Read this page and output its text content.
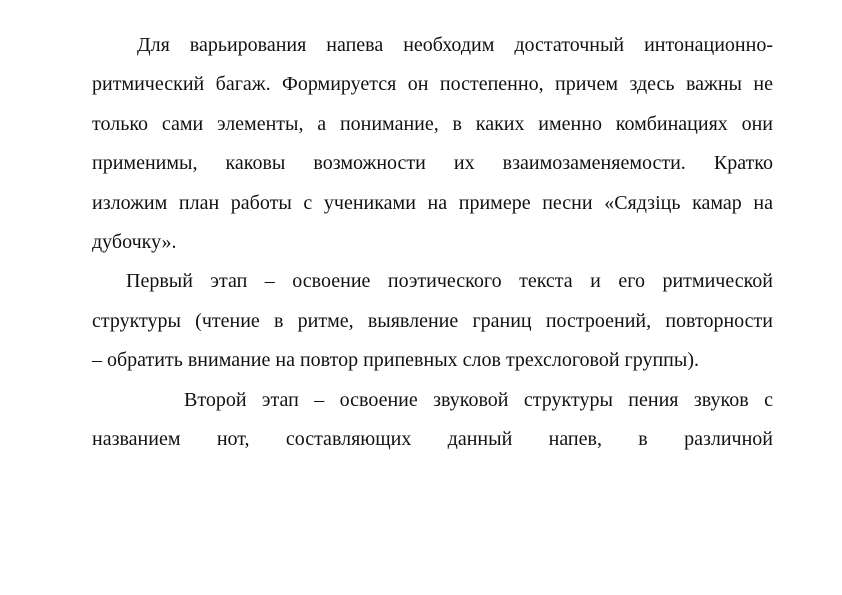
Для варьирования напева необходим достаточный интонационно-
ритмический багаж. Формируется он постепенно, причем здесь важны не
только сами элементы, а понимание, в каких именно комбинациях они
применимы, каковы возможности их взаимозаменяемости. Кратко
изложим план работы с учениками на примере песни «Сядзіць камар на
дубочку».
Первый этап – освоение поэтического текста и его ритмической
структуры (чтение в ритме, выявление границ построений, повторности
– обратить внимание на повтор припевных слов трехслоговой группы).
Второй этап – освоение звуковой структуры пения звуков с
названием нот, составляющих данный напев, в различной
